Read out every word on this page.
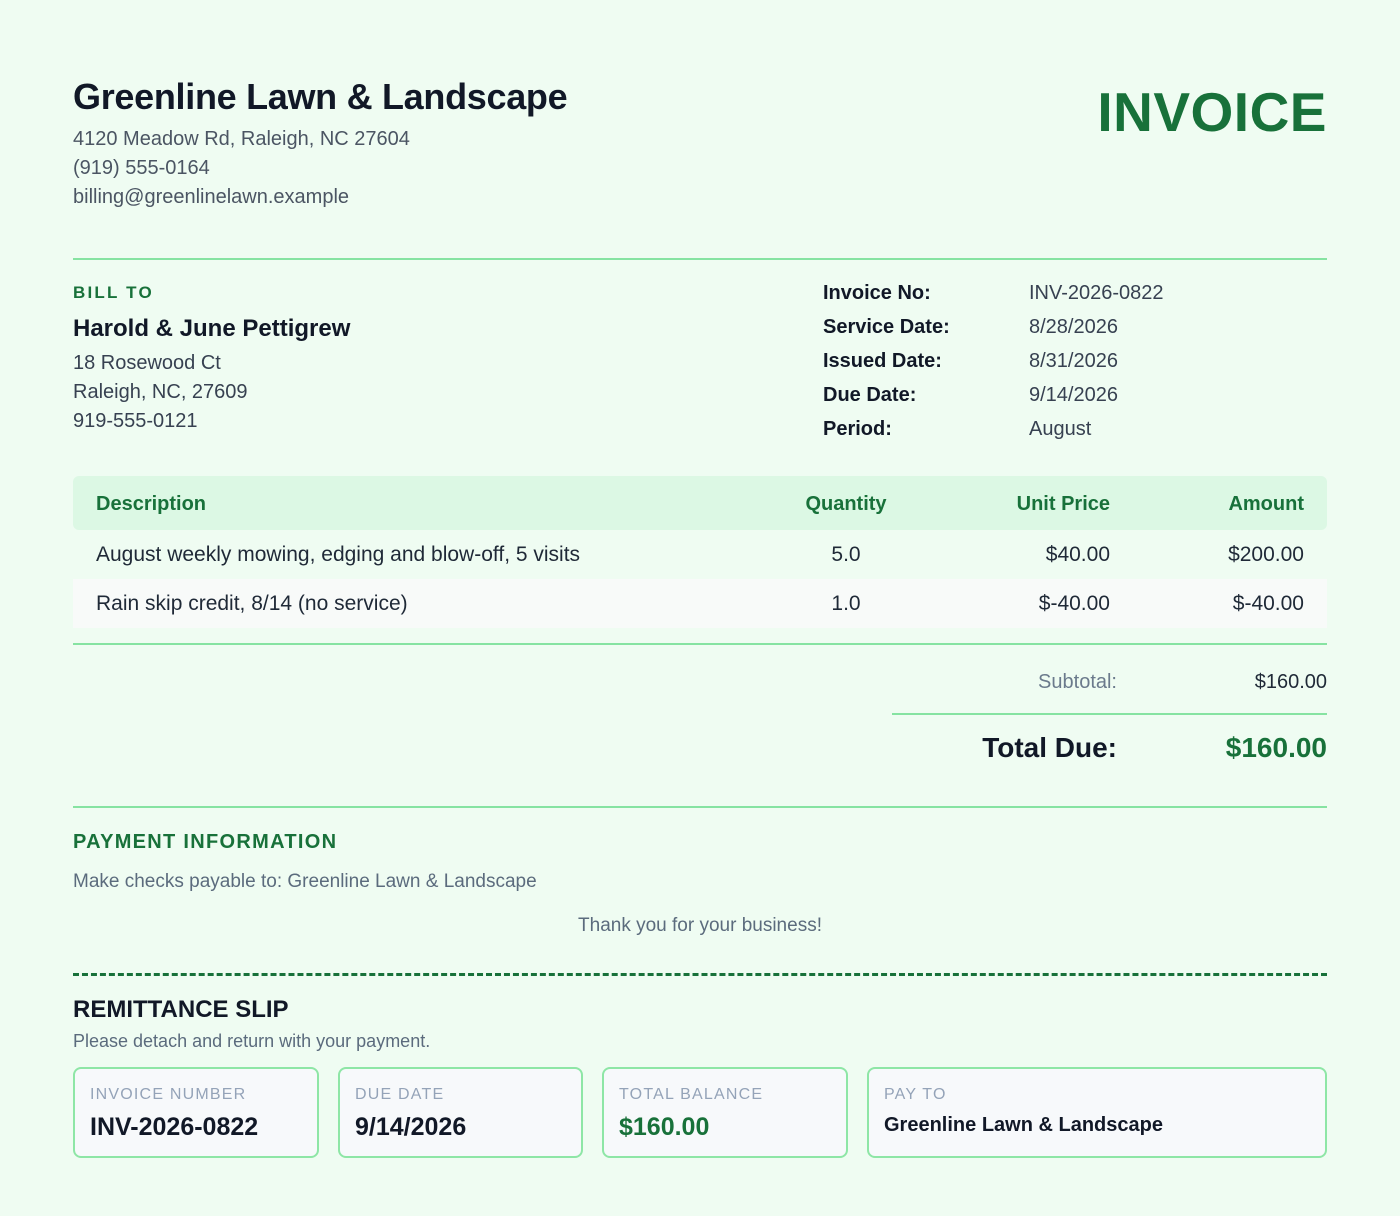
Greenline Lawn & Landscape
4120 Meadow Rd, Raleigh, NC 27604
(919) 555-0164
billing@greenlinelawn.example
INVOICE
BILL TO
Harold & June Pettigrew
18 Rosewood Ct
Raleigh, NC, 27609
919-555-0121
Invoice No:	INV-2026-0822
Service Date:	8/28/2026
Issued Date:	8/31/2026
Due Date:	9/14/2026
Period:	August
Description	Quantity	Unit Price	Amount
August weekly mowing, edging and blow-off, 5 visits	5.0	$40.00	$200.00
Rain skip credit, 8/14 (no service)	1.0	$-40.00	$-40.00
Subtotal:	$160.00
Total Due:	$160.00
PAYMENT INFORMATION
Make checks payable to: Greenline Lawn & Landscape
Thank you for your business!
REMITTANCE SLIP
Please detach and return with your payment.
INVOICE NUMBER
INV-2026-0822
DUE DATE
9/14/2026
TOTAL BALANCE
$160.00
PAY TO
Greenline Lawn & Landscape
